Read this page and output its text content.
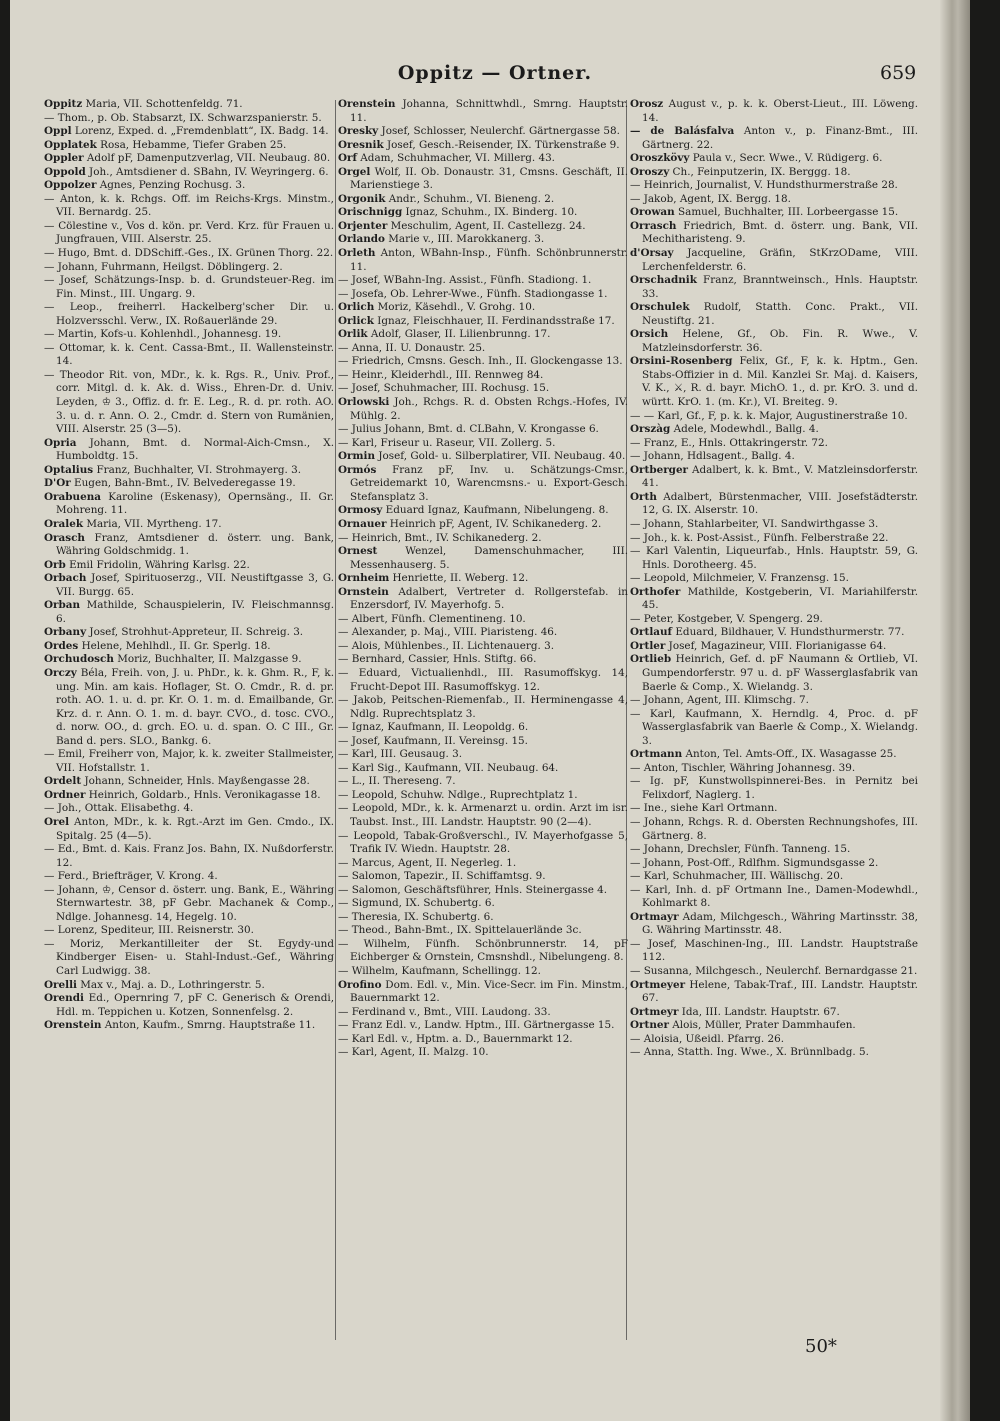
Oppitz — Ortner.	659

Oppitz Maria, VII. Schottenfeldg. 71.

— Thom., p. Ob. Stabsarzt, IX. Schwarzspanierstr. 5.

Oppl Lorenz, Exped. d. „Fremdenblatt“, IX. Badg. 14.

Opplatek Rosa, Hebamme, Tiefer Graben 25.

Oppler Adolf pF, Damenputzverlag, VII. Neubaug. 80.

Oppold Joh., Amtsdiener d. SBahn, IV. Weyringerg. 6.

Oppolzer Agnes, Penzing Rochusg. 3.

— Anton, k. k. Rchgs. Off. im Reichs-Krgs. Minstm., VII. Bernardg. 25.

— Cölestine v., Vos d. kön. pr. Verd. Krz. für Frauen u. Jungfrauen, VIII. Alserstr. 25.

— Hugo, Bmt. d. DDSchiff.-Ges., IX. Grünen Thorg. 22.

— Johann, Fuhrmann, Heilgst. Döblingerg. 2.

— Josef, Schätzungs-Insp. b. d. Grundsteuer-Reg. im Fin. Minst., III. Ungarg. 9.

— Leop., freiherrl. Hackelberg'scher Dir. u. Holzversschl. Verw., IX. Roßauerlände 29.

— Martin, Kofs-u. Kohlenhdl., Johannesg. 19.

— Ottomar, k. k. Cent. Cassa-Bmt., II. Wallensteinstr. 14.

— Theodor Rit. von, MDr., k. k. Rgs. R., Univ. Prof., corr. Mitgl. d. k. Ak. d. Wiss., Ehren-Dr. d. Univ. Leyden, ♔ 3., Offiz. d. fr. E. Leg., R. d. pr. roth. AO. 3. u. d. r. Ann. O. 2., Cmdr. d. Stern von Rumänien, VIII. Alserstr. 25 (3—5).

Opria Johann, Bmt. d. Normal-Aich-Cmsn., X. Humboldtg. 15.

Optalius Franz, Buchhalter, VI. Strohmayerg. 3.

D'Or Eugen, Bahn-Bmt., IV. Belvederegasse 19.

Orabuena Karoline (Eskenasy), Opernsäng., II. Gr. Mohreng. 11.

Oralek Maria, VII. Myrtheng. 17.

Orasch Franz, Amtsdiener d. österr. ung. Bank, Währing Goldschmidg. 1.

Orb Emil Fridolin, Währing Karlsg. 22.

Orbach Josef, Spirituoserzg., VII. Neustiftgasse 3, G. VII. Burgg. 65.

Orban Mathilde, Schauspielerin, IV. Fleischmannsg. 6.

Orbany Josef, Strohhut-Appreteur, II. Schreig. 3.

Ordes Helene, Mehlhdl., II. Gr. Sperlg. 18.

Orchudosch Moriz, Buchhalter, II. Malzgasse 9.

Orczy Béla, Freih. von, J. u. PhDr., k. k. Ghm. R., F, k. ung. Min. am kais. Hoflager, St. O. Cmdr., R. d. pr. roth. AO. 1. u. d. pr. Kr. O. 1. m. d. Emailbande, Gr. Krz. d. r. Ann. O. 1. m. d. bayr. CVO., d. tosc. CVO., d. norw. OO., d. grch. EO. u. d. span. O. C III., Gr. Band d. pers. SLO., Bankg. 6.

— Emil, Freiherr von, Major, k. k. zweiter Stallmeister, VII. Hofstallstr. 1.

Ordelt Johann, Schneider, Hnls. Mayßengasse 28.

Ordner Heinrich, Goldarb., Hnls. Veronikagasse 18.

— Joh., Ottak. Elisabethg. 4.

Orel Anton, MDr., k. k. Rgt.-Arzt im Gen. Cmdo., IX. Spitalg. 25 (4—5).

— Ed., Bmt. d. Kais. Franz Jos. Bahn, IX. Nußdorferstr. 12.

— Ferd., Briefträger, V. Krong. 4.

— Johann, ♔, Censor d. österr. ung. Bank, E., Währing Sternwartestr. 38, pF Gebr. Machanek & Comp., Ndlge. Johannesg. 14, Hegelg. 10.

— Lorenz, Spediteur, III. Reisnerstr. 30.

— Moriz, Merkantilleiter der St. Egydy-und Kindberger Eisen- u. Stahl-Indust.-Gef., Währing Carl Ludwigg. 38.

Orelli Max v., Maj. a. D., Lothringerstr. 5.

Orendi Ed., Opernring 7, pF C. Generisch & Orendi, Hdl. m. Teppichen u. Kotzen, Sonnenfelsg. 2.

Orenstein Anton, Kaufm., Smrng. Hauptstraße 11.

Orenstein Johanna, Schnittwhdl., Smrng. Hauptstr. 11.

Oresky Josef, Schlosser, Neulerchf. Gärtnergasse 58.

Oresnik Josef, Gesch.-Reisender, IX. Türkenstraße 9.

Orf Adam, Schuhmacher, VI. Millerg. 43.

Orgel Wolf, II. Ob. Donaustr. 31, Cmsns. Geschäft, II. Marienstiege 3.

Orgonik Andr., Schuhm., VI. Bieneng. 2.

Orischnigg Ignaz, Schuhm., IX. Binderg. 10.

Orjenter Meschulim, Agent, II. Castellezg. 24.

Orlando Marie v., III. Marokkanerg. 3.

Orleth Anton, WBahn-Insp., Fünfh. Schönbrunnerstr. 11.

— Josef, WBahn-Ing. Assist., Fünfh. Stadiong. 1.

— Josefa, Ob. Lehrer-Wwe., Fünfh. Stadiongasse 1.

Orlich Moriz, Käsehdl., V. Grohg. 10.

Orlick Ignaz, Fleischhauer, II. Ferdinandsstraße 17.

Orlik Adolf, Glaser, II. Lilienbrunng. 17.

— Anna, II. U. Donaustr. 25.

— Friedrich, Cmsns. Gesch. Inh., II. Glockengasse 13.

— Heinr., Kleiderhdl., III. Rennweg 84.

— Josef, Schuhmacher, III. Rochusg. 15.

Orlowski Joh., Rchgs. R. d. Obsten Rchgs.-Hofes, IV. Mühlg. 2.

— Julius Johann, Bmt. d. CLBahn, V. Krongasse 6.

— Karl, Friseur u. Raseur, VII. Zollerg. 5.

Ormin Josef, Gold- u. Silberplatirer, VII. Neubaug. 40.

Ormós Franz pF, Inv. u. Schätzungs-Cmsr., Getreidemarkt 10, Warencmsns.- u. Export-Gesch. Stefansplatz 3.

Ormosy Eduard Ignaz, Kaufmann, Nibelungeng. 8.

Ornauer Heinrich pF, Agent, IV. Schikanederg. 2.

— Heinrich, Bmt., IV. Schikanederg. 2.

Ornest Wenzel, Damenschuhmacher, III. Messenhauserg. 5.

Ornheim Henriette, II. Weberg. 12.

Ornstein Adalbert, Vertreter d. Rollgerstefab. in Enzersdorf, IV. Mayerhofg. 5.

— Albert, Fünfh. Clementineng. 10.

— Alexander, p. Maj., VIII. Piaristeng. 46.

— Alois, Mühlenbes., II. Lichtenauerg. 3.

— Bernhard, Cassier, Hnls. Stiftg. 66.

— Eduard, Victualienhdl., III. Rasumoffskyg. 14, Frucht-Depot III. Rasumoffskyg. 12.

— Jakob, Peitschen-Riemenfab., II. Herminengasse 4, Ndlg. Ruprechtsplatz 3.

— Ignaz, Kaufmann, II. Leopoldg. 6.

— Josef, Kaufmann, II. Vereinsg. 15.

— Karl, III. Geusaug. 3.

— Karl Sig., Kaufmann, VII. Neubaug. 64.

— L., II. Thereseng. 7.

— Leopold, Schuhw. Ndlge., Ruprechtplatz 1.

— Leopold, MDr., k. k. Armenarzt u. ordin. Arzt im isr. Taubst. Inst., III. Landstr. Hauptstr. 90 (2—4).

— Leopold, Tabak-Großverschl., IV. Mayerhofgasse 5, Trafik IV. Wiedn. Hauptstr. 28.

— Marcus, Agent, II. Negerleg. 1.

— Salomon, Tapezir., II. Schiffamtsg. 9.

— Salomon, Geschäftsführer, Hnls. Steinergasse 4.

— Sigmund, IX. Schubertg. 6.

— Theresia, IX. Schubertg. 6.

— Theod., Bahn-Bmt., IX. Spittelauerlände 3c.

— Wilhelm, Fünfh. Schönbrunnerstr. 14, pF Eichberger & Ornstein, Cmsnshdl., Nibelungeng. 8.

— Wilhelm, Kaufmann, Schellingg. 12.

Orofino Dom. Edl. v., Min. Vice-Secr. im Fin. Minstm., Bauernmarkt 12.

— Ferdinand v., Bmt., VIII. Laudong. 33.

— Franz Edl. v., Landw. Hptm., III. Gärtnergasse 15.

— Karl Edl. v., Hptm. a. D., Bauernmarkt 12.

— Karl, Agent, II. Malzg. 10.

Orosz August v., p. k. k. Oberst-Lieut., III. Löweng. 14.

— de Balásfalva Anton v., p. Finanz-Bmt., III. Gärtnerg. 22.

Oroszkövy Paula v., Secr. Wwe., V. Rüdigerg. 6.

Oroszy Ch., Feinputzerin, IX. Berggg. 18.

— Heinrich, Journalist, V. Hundsthurmerstraße 28.

— Jakob, Agent, IX. Bergg. 18.

Orowan Samuel, Buchhalter, III. Lorbeergasse 15.

Orrasch Friedrich, Bmt. d. österr. ung. Bank, VII. Mechitharisteng. 9.

d'Orsay Jacqueline, Gräfin, StKrzODame, VIII. Lerchenfelderstr. 6.

Orschadnik Franz, Branntweinsch., Hnls. Hauptstr. 33.

Orschulek Rudolf, Statth. Conc. Prakt., VII. Neustiftg. 21.

Orsich Helene, Gf., Ob. Fin. R. Wwe., V. Matzleinsdorferstr. 36.

Orsini-Rosenberg Felix, Gf., F, k. k. Hptm., Gen. Stabs-Offizier in d. Mil. Kanzlei Sr. Maj. d. Kaisers, V. K., ⚔, R. d. bayr. MichO. 1., d. pr. KrO. 3. und d. württ. KrO. 1. (m. Kr.), VI. Breiteg. 9.

— — Karl, Gf., F, p. k. k. Major, Augustinerstraße 10.

Orszàg Adele, Modewhdl., Ballg. 4.

— Franz, E., Hnls. Ottakringerstr. 72.

— Johann, Hdlsagent., Ballg. 4.

Ortberger Adalbert, k. k. Bmt., V. Matzleinsdorferstr. 41.

Orth Adalbert, Bürstenmacher, VIII. Josefstädterstr. 12, G. IX. Alserstr. 10.

— Johann, Stahlarbeiter, VI. Sandwirthgasse 3.

— Joh., k. k. Post-Assist., Fünfh. Felberstraße 22.

— Karl Valentin, Liqueurfab., Hnls. Hauptstr. 59, G. Hnls. Dorotheerg. 45.

— Leopold, Milchmeier, V. Franzensg. 15.

Orthofer Mathilde, Kostgeberin, VI. Mariahilferstr. 45.

— Peter, Kostgeber, V. Spengerg. 29.

Ortlauf Eduard, Bildhauer, V. Hundsthurmerstr. 77.

Ortler Josef, Magazineur, VIII. Florianigasse 64.

Ortlieb Heinrich, Gef. d. pF Naumann & Ortlieb, VI. Gumpendorferstr. 97 u. d. pF Wasserglasfabrik van Baerle & Comp., X. Wielandg. 3.

— Johann, Agent, III. Klimschg. 7.

— Karl, Kaufmann, X. Herndlg. 4, Proc. d. pF Wasserglasfabrik van Baerle & Comp., X. Wielandg. 3.

Ortmann Anton, Tel. Amts-Off., IX. Wasagasse 25.

— Anton, Tischler, Währing Johannesg. 39.

— Ig. pF, Kunstwollspinnerei-Bes. in Pernitz bei Felixdorf, Naglerg. 1.

— Ine., siehe Karl Ortmann.

— Johann, Rchgs. R. d. Obersten Rechnungshofes, III. Gärtnerg. 8.

— Johann, Drechsler, Fünfh. Tanneng. 15.

— Johann, Post-Off., Rdlfhm. Sigmundsgasse 2.

— Karl, Schuhmacher, III. Wällischg. 20.

— Karl, Inh. d. pF Ortmann Ine., Damen-Modewhdl., Kohlmarkt 8.

Ortmayr Adam, Milchgesch., Währing Martinsstr. 38, G. Währing Martinsstr. 48.

— Josef, Maschinen-Ing., III. Landstr. Hauptstraße 112.

— Susanna, Milchgesch., Neulerchf. Bernardgasse 21.

Ortmeyer Helene, Tabak-Traf., III. Landstr. Hauptstr. 67.

Ortmeyr Ida, III. Landstr. Hauptstr. 67.

Ortner Alois, Müller, Prater Dammhaufen.

— Aloisia, Ußeidl. Pfarrg. 26.

— Anna, Statth. Ing. Wwe., X. Brünnlbadg. 5.

50*
